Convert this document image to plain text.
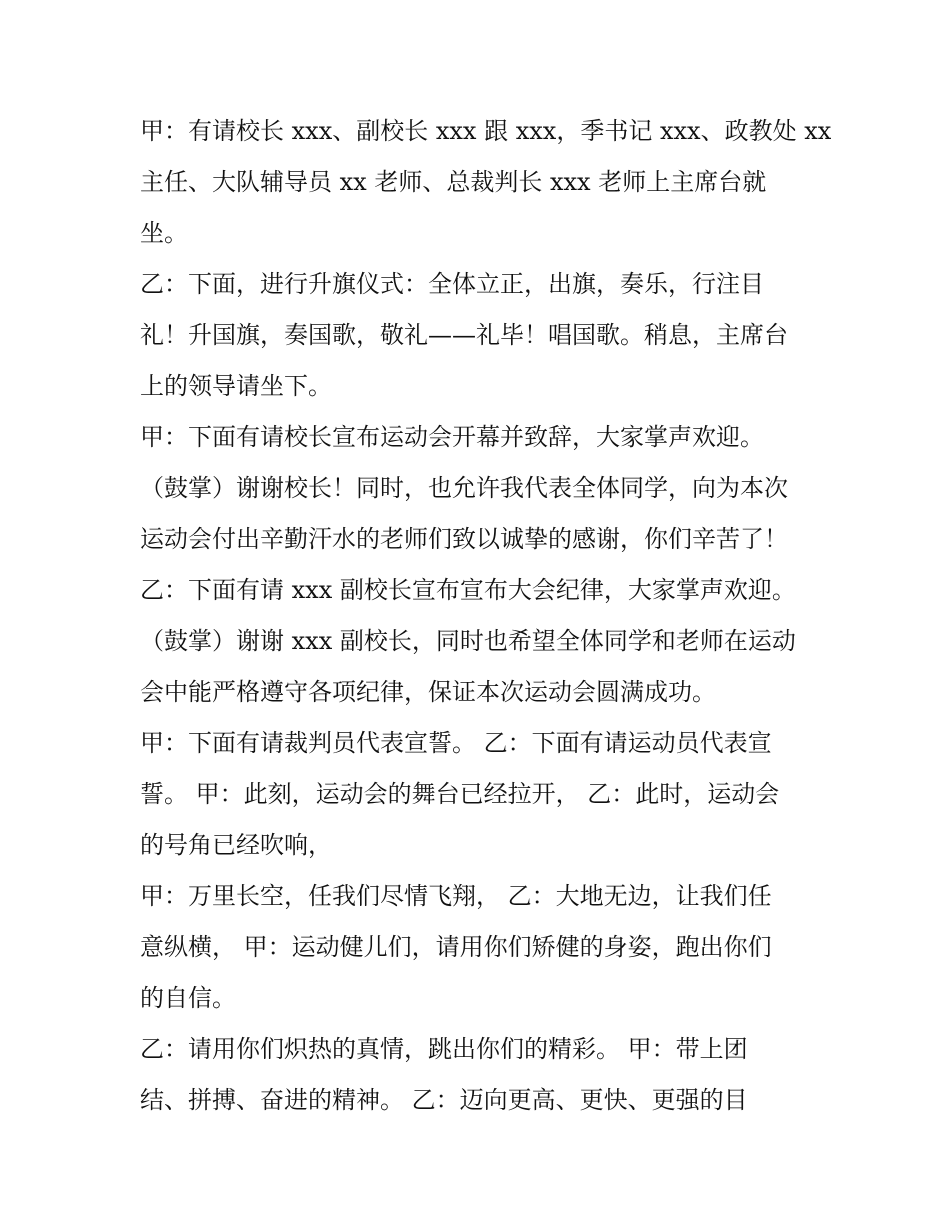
甲：有请校长 xxx、副校长 xxx 跟 xxx，季书记 xxx、政教处 xx
主任、大队辅导员 xx 老师、总裁判长 xxx 老师上主席台就
坐。
乙：下面，进行升旗仪式：全体立正，出旗，奏乐，行注目
礼！升国旗，奏国歌，敬礼——礼毕！唱国歌。稍息，主席台
上的领导请坐下。
甲：下面有请校长宣布运动会开幕并致辞，大家掌声欢迎。
（鼓掌）谢谢校长！同时，也允许我代表全体同学，向为本次
运动会付出辛勤汗水的老师们致以诚挚的感谢，你们辛苦了！
乙：下面有请 xxx 副校长宣布宣布大会纪律，大家掌声欢迎。
（鼓掌）谢谢 xxx 副校长，同时也希望全体同学和老师在运动
会中能严格遵守各项纪律，保证本次运动会圆满成功。
甲：下面有请裁判员代表宣誓。 乙：下面有请运动员代表宣
誓。 甲：此刻，运动会的舞台已经拉开， 乙：此时，运动会
的号角已经吹响，
甲：万里长空，任我们尽情飞翔， 乙：大地无边，让我们任
意纵横， 甲：运动健儿们，请用你们矫健的身姿，跑出你们
的自信。
乙：请用你们炽热的真情，跳出你们的精彩。 甲：带上团
结、拼搏、奋进的精神。 乙：迈向更高、更快、更强的目
